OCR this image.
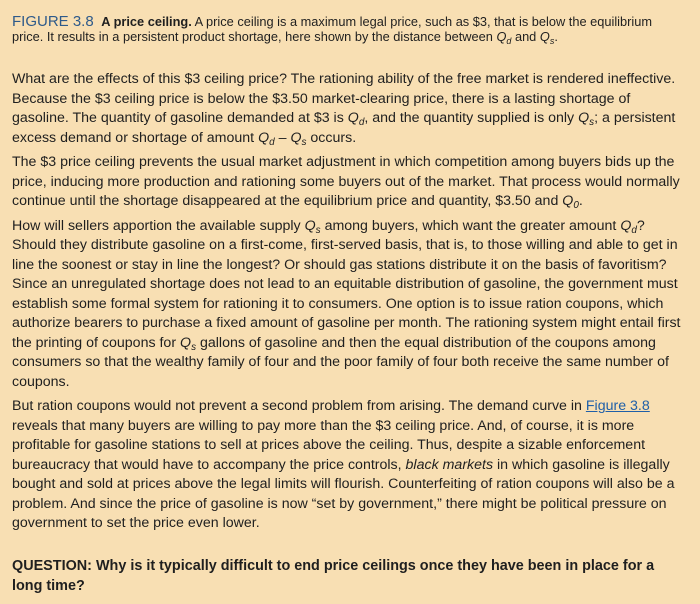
FIGURE 3.8 A price ceiling. A price ceiling is a maximum legal price, such as $3, that is below the equilibrium price. It results in a persistent product shortage, here shown by the distance between $Q_d$ and $Q_s$.

What are the effects of this $3 ceiling price? The rationing ability of the free market is rendered ineffective. Because the $3 ceiling price is below the $3.50 market-clearing price, there is a lasting shortage of gasoline. The quantity of gasoline demanded at $3 is $Q_d$, and the quantity supplied is only $Q_s$; a persistent excess demand or shortage of amount $Q_d - Q_s$ occurs.

The $3 price ceiling prevents the usual market adjustment in which competition among buyers bids up the price, inducing more production and rationing some buyers out of the market. That process would normally continue until the shortage disappeared at the equilibrium price and quantity, $3.50 and $Q_0$.

How will sellers apportion the available supply $Q_s$ among buyers, which want the greater amount $Q_d$? Should they distribute gasoline on a first-come, first-served basis, that is, to those willing and able to get in line the soonest or stay in line the longest? Or should gas stations distribute it on the basis of favoritism? Since an unregulated shortage does not lead to an equitable distribution of gasoline, the government must establish some formal system for rationing it to consumers. One option is to issue ration coupons, which authorize bearers to purchase a fixed amount of gasoline per month. The rationing system might entail first the printing of coupons for $Q_s$ gallons of gasoline and then the equal distribution of the coupons among consumers so that the wealthy family of four and the poor family of four both receive the same number of coupons.

But ration coupons would not prevent a second problem from arising. The demand curve in Figure 3.8 reveals that many buyers are willing to pay more than the $3 ceiling price. And, of course, it is more profitable for gasoline stations to sell at prices above the ceiling. Thus, despite a sizable enforcement bureaucracy that would have to accompany the price controls, black markets in which gasoline is illegally bought and sold at prices above the legal limits will flourish. Counterfeiting of ration coupons will also be a problem. And since the price of gasoline is now “set by government,” there might be political pressure on government to set the price even lower.

QUESTION: Why is it typically difficult to end price ceilings once they have been in place for a long time?
